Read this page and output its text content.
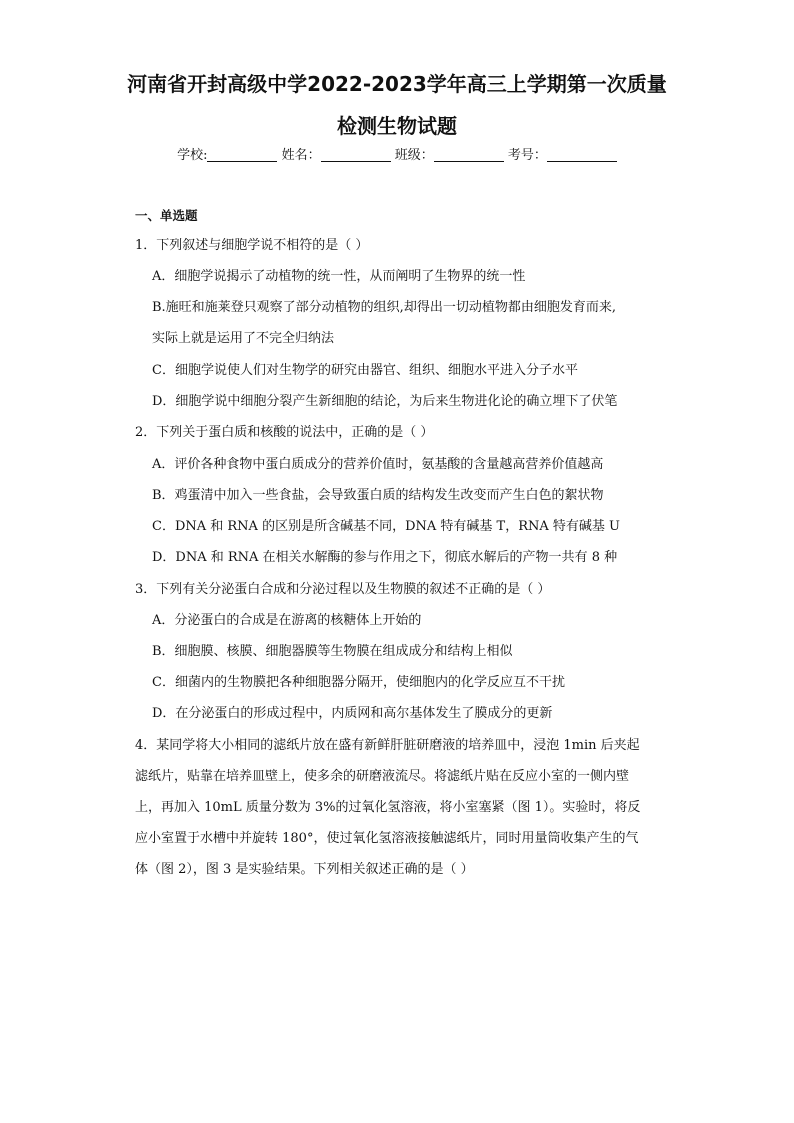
河南省开封高级中学2022-2023学年高三上学期第一次质量
检测生物试题
学校:	姓名：	班级：	考号：
一、单选题
1．下列叙述与细胞学说不相符的是（ ）
A．细胞学说揭示了动植物的统一性，从而阐明了生物界的统一性
B.施旺和施莱登只观察了部分动植物的组织,却得出一切动植物都由细胞发育而来,
实际上就是运用了不完全归纳法
C．细胞学说使人们对生物学的研究由器官、组织、细胞水平进入分子水平
D．细胞学说中细胞分裂产生新细胞的结论，为后来生物进化论的确立埋下了伏笔
2．下列关于蛋白质和核酸的说法中，正确的是（ ）
A．评价各种食物中蛋白质成分的营养价值时，氨基酸的含量越高营养价值越高
B．鸡蛋清中加入一些食盐，会导致蛋白质的结构发生改变而产生白色的絮状物
C．DNA 和 RNA 的区别是所含碱基不同，DNA 特有碱基 T，RNA 特有碱基 U
D．DNA 和 RNA 在相关水解酶的参与作用之下，彻底水解后的产物一共有 8 种
3．下列有关分泌蛋白合成和分泌过程以及生物膜的叙述不正确的是（ ）
A．分泌蛋白的合成是在游离的核糖体上开始的
B．细胞膜、核膜、细胞器膜等生物膜在组成成分和结构上相似
C．细菌内的生物膜把各种细胞器分隔开，使细胞内的化学反应互不干扰
D．在分泌蛋白的形成过程中，内质网和高尔基体发生了膜成分的更新
4．某同学将大小相同的滤纸片放在盛有新鲜肝脏研磨液的培养皿中，浸泡 1min 后夹起
滤纸片，贴靠在培养皿壁上，使多余的研磨液流尽。将滤纸片贴在反应小室的一侧内壁
上，再加入 10mL 质量分数为 3%的过氧化氢溶液，将小室塞紧（图 1）。实验时，将反
应小室置于水槽中并旋转 180°，使过氧化氢溶液接触滤纸片，同时用量筒收集产生的气
体（图 2），图 3 是实验结果。下列相关叙述正确的是（ ）
